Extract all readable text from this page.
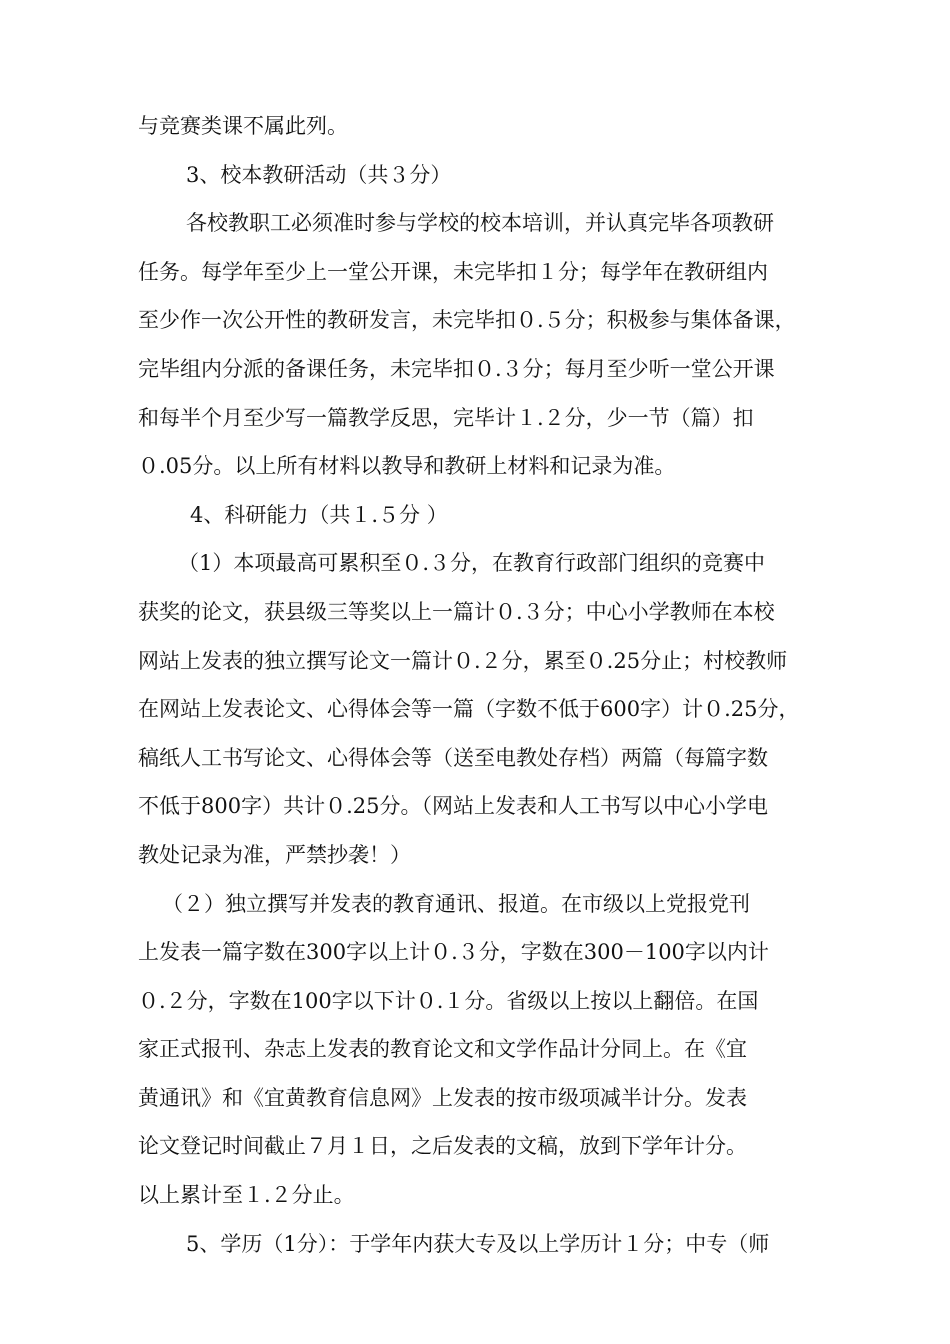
与竞赛类课不属此列。

3、校本教研活动（共３分）

各校教职工必须准时参与学校的校本培训，并认真完毕各项教研

任务。每学年至少上一堂公开课，未完毕扣１分；每学年在教研组内

至少作一次公开性的教研发言，未完毕扣０.５分；积极参与集体备课，

完毕组内分派的备课任务，未完毕扣０.３分；每月至少听一堂公开课

和每半个月至少写一篇教学反思，完毕计１.２分，少一节（篇）扣

０.05分。以上所有材料以教导和教研上材料和记录为准。

4、科研能力（共１.５分 ）

（1）本项最高可累积至０.３分，在教育行政部门组织的竞赛中

获奖的论文，获县级三等奖以上一篇计０.３分；中心小学教师在本校

网站上发表的独立撰写论文一篇计０.２分，累至０.25分止；村校教师

在网站上发表论文、心得体会等一篇（字数不低于600字）计０.25分，

稿纸人工书写论文、心得体会等（送至电教处存档）两篇（每篇字数

不低于800字）共计０.25分。（网站上发表和人工书写以中心小学电

教处记录为准，严禁抄袭！）

（２）独立撰写并发表的教育通讯、报道。在市级以上党报党刊

上发表一篇字数在300字以上计０.３分，字数在300－100字以内计

０.２分，字数在100字以下计０.１分。省级以上按以上翻倍。在国

家正式报刊、杂志上发表的教育论文和文学作品计分同上。在《宜

黄通讯》和《宜黄教育信息网》上发表的按市级项减半计分。发表

论文登记时间截止７月１日，之后发表的文稿，放到下学年计分。

以上累计至１.２分止。

5、学历（1分）：于学年内获大专及以上学历计１分；中专（师
